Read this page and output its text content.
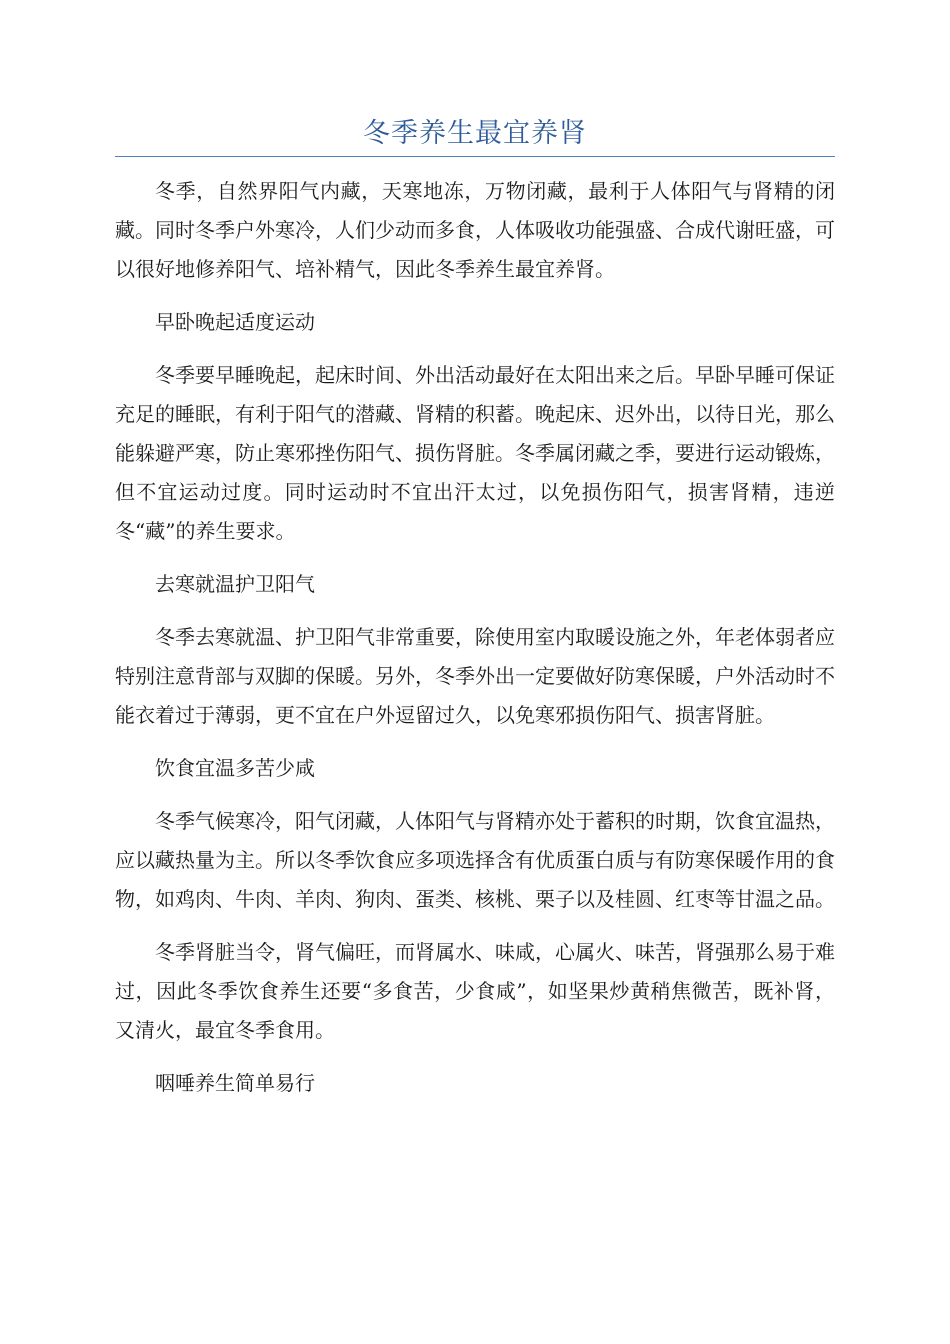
冬季养生最宜养肾

冬季，自然界阳气内藏，天寒地冻，万物闭藏，最利于人体阳气与肾精的闭藏。同时冬季户外寒冷，人们少动而多食，人体吸收功能强盛、合成代谢旺盛，可以很好地修养阳气、培补精气，因此冬季养生最宜养肾。

早卧晚起适度运动

冬季要早睡晚起，起床时间、外出活动最好在太阳出来之后。早卧早睡可保证充足的睡眠，有利于阳气的潜藏、肾精的积蓄。晚起床、迟外出，以待日光，那么能躲避严寒，防止寒邪挫伤阳气、损伤肾脏。冬季属闭藏之季，要进行运动锻炼，但不宜运动过度。同时运动时不宜出汗太过，以免损伤阳气，损害肾精，违逆冬“藏”的养生要求。

去寒就温护卫阳气

冬季去寒就温、护卫阳气非常重要，除使用室内取暖设施之外，年老体弱者应特别注意背部与双脚的保暖。另外，冬季外出一定要做好防寒保暖，户外活动时不能衣着过于薄弱，更不宜在户外逗留过久，以免寒邪损伤阳气、损害肾脏。

饮食宜温多苦少咸

冬季气候寒冷，阳气闭藏，人体阳气与肾精亦处于蓄积的时期，饮食宜温热，应以藏热量为主。所以冬季饮食应多项选择含有优质蛋白质与有防寒保暖作用的食物，如鸡肉、牛肉、羊肉、狗肉、蛋类、核桃、栗子以及桂圆、红枣等甘温之品。

冬季肾脏当令，肾气偏旺，而肾属水、味咸，心属火、味苦，肾强那么易于难过，因此冬季饮食养生还要“多食苦，少食咸”，如坚果炒黄稍焦微苦，既补肾，又清火，最宜冬季食用。

咽唾养生简单易行
